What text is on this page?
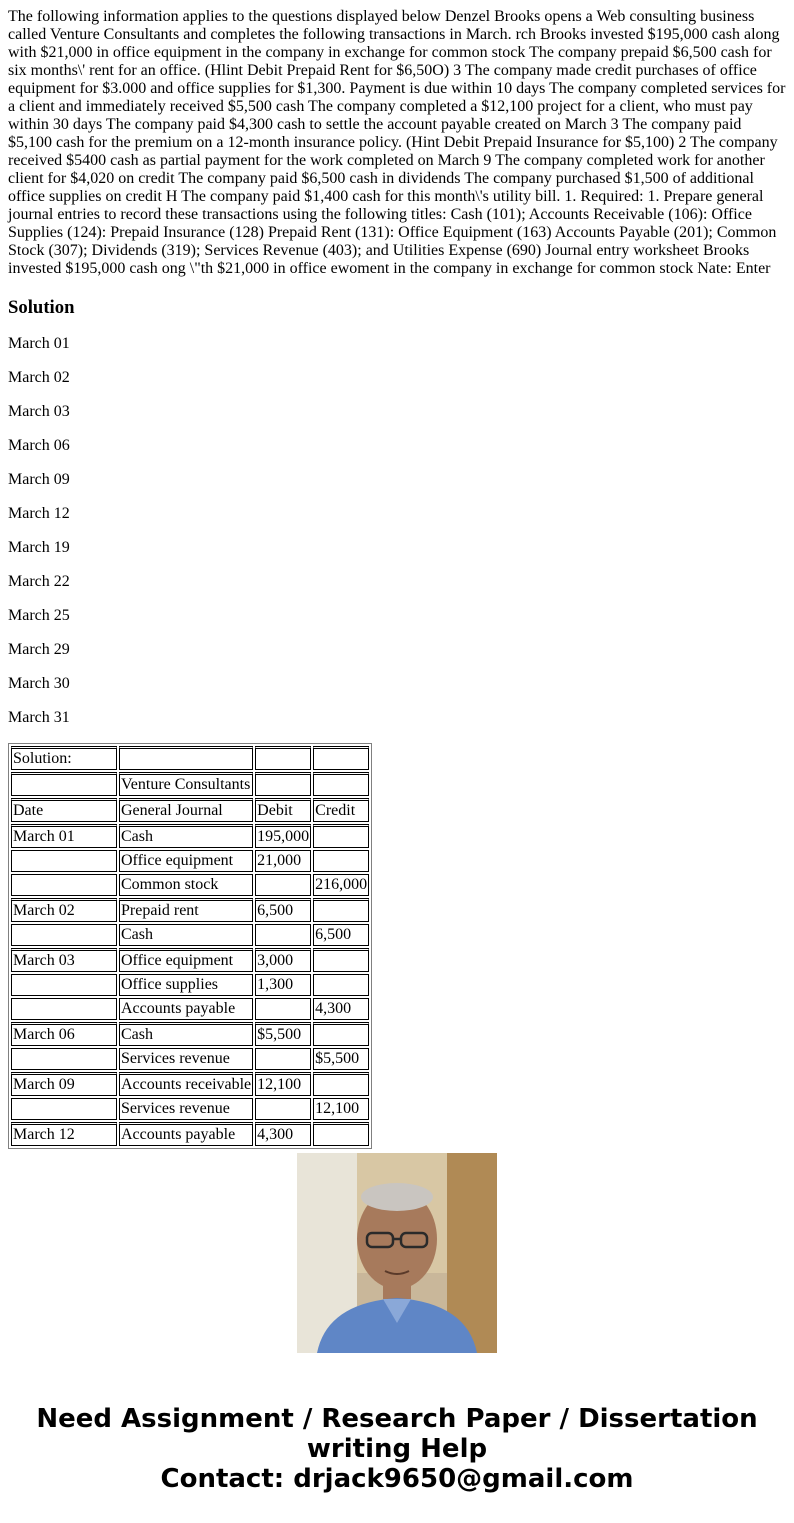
The following information applies to the questions displayed below Denzel Brooks opens a Web consulting business called Venture Consultants and completes the following transactions in March. rch Brooks invested $195,000 cash along with $21,000 in office equipment in the company in exchange for common stock The company prepaid $6,500 cash for six months\' rent for an office. (Hlint Debit Prepaid Rent for $6,50O) 3 The company made credit purchases of office equipment for $3.000 and office supplies for $1,300. Payment is due within 10 days The company completed services for a client and immediately received $5,500 cash The company completed a $12,100 project for a client, who must pay within 30 days The company paid $4,300 cash to settle the account payable created on March 3 The company paid $5,100 cash for the premium on a 12-month insurance policy. (Hint Debit Prepaid Insurance for $5,100) 2 The company received $5400 cash as partial payment for the work completed on March 9 The company completed work for another client for $4,020 on credit The company paid $6,500 cash in dividends The company purchased $1,500 of additional office supplies on credit H The company paid $1,400 cash for this month\'s utility bill. 1. Required: 1. Prepare general journal entries to record these transactions using the following titles: Cash (101); Accounts Receivable (106): Office Supplies (124): Prepaid Insurance (128) Prepaid Rent (131): Office Equipment (163) Accounts Payable (201); Common Stock (307); Dividends (319); Services Revenue (403); and Utilities Expense (690) Journal entry worksheet Brooks invested $195,000 cash ong \"th $21,000 in office ewoment in the company in exchange for common stock Nate: Enter

Solution

March 01

March 02

March 03

March 06

March 09

March 12

March 19

March 22

March 25

March 29

March 30

March 31

Solution:			
	Venture Consultants		
Date	General Journal	Debit	Credit
March 01	Cash	195,000	
	Office equipment	21,000	
	Common stock		216,000
March 02	Prepaid rent	6,500	
	Cash		6,500
March 03	Office equipment	3,000	
	Office supplies	1,300	
	Accounts payable		4,300
March 06	Cash	$5,500	
	Services revenue		$5,500
March 09	Accounts receivable	12,100	
	Services revenue		12,100
March 12	Accounts payable	4,300	
Need Assignment / Research Paper / Dissertation
writing Help
Contact: drjack9650@gmail.com
